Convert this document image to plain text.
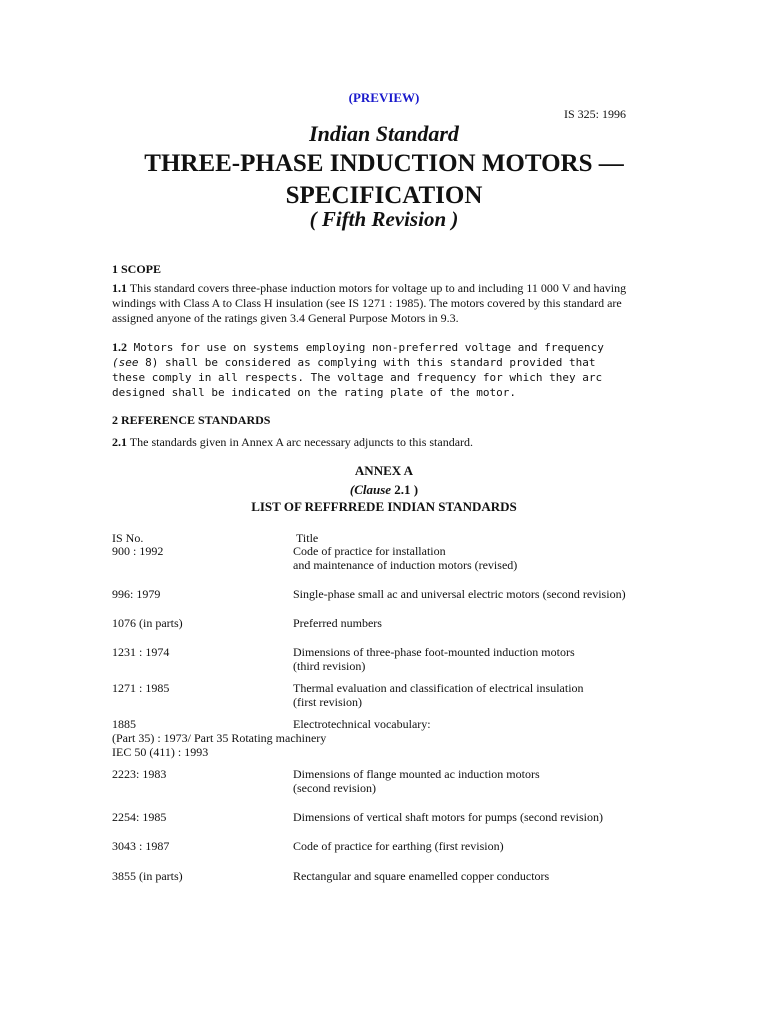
(PREVIEW)
IS 325: 1996
Indian Standard
THREE-PHASE INDUCTION MOTORS —
SPECIFICATION
( Fifth Revision )
1 SCOPE
1.1 This standard covers three-phase induction motors for voltage up to and including 11 000 V and having windings with Class A to Class H insulation (see IS 1271 : 1985). The motors covered by this standard are assigned anyone of the ratings given 3.4 General Purpose Motors in 9.3.
1.2 Motors for use on systems employing non-preferred voltage and frequency (see 8) shall be considered as complying with this standard provided that these comply in all respects. The voltage and frequency for which they arc designed shall be indicated on the rating plate of the motor.
2 REFERENCE STANDARDS
2.1 The standards given in Annex A arc necessary adjuncts to this standard.
ANNEX A
(Clause 2.1 )
LIST OF REFFRREDE INDIAN STANDARDS
IS No.	Title
900 : 1992	Code of practice for installation
and maintenance of induction motors (revised)
996: 1979	Single-phase small ac and universal electric motors (second revision)
1076 (in parts)	Preferred numbers
1231 : 1974	Dimensions of three-phase foot-mounted induction motors
(third revision)
1271 : 1985	Thermal evaluation and classification of electrical insulation
(first revision)
1885	Electrotechnical vocabulary:
(Part 35) : 1973/ Part 35 Rotating machinery
IEC 50 (411) : 1993
2223: 1983	Dimensions of flange mounted ac induction motors
(second revision)
2254: 1985	Dimensions of vertical shaft motors for pumps (second revision)
3043 : 1987	Code of practice for earthing (first revision)
3855 (in parts)	Rectangular and square enamelled copper conductors
